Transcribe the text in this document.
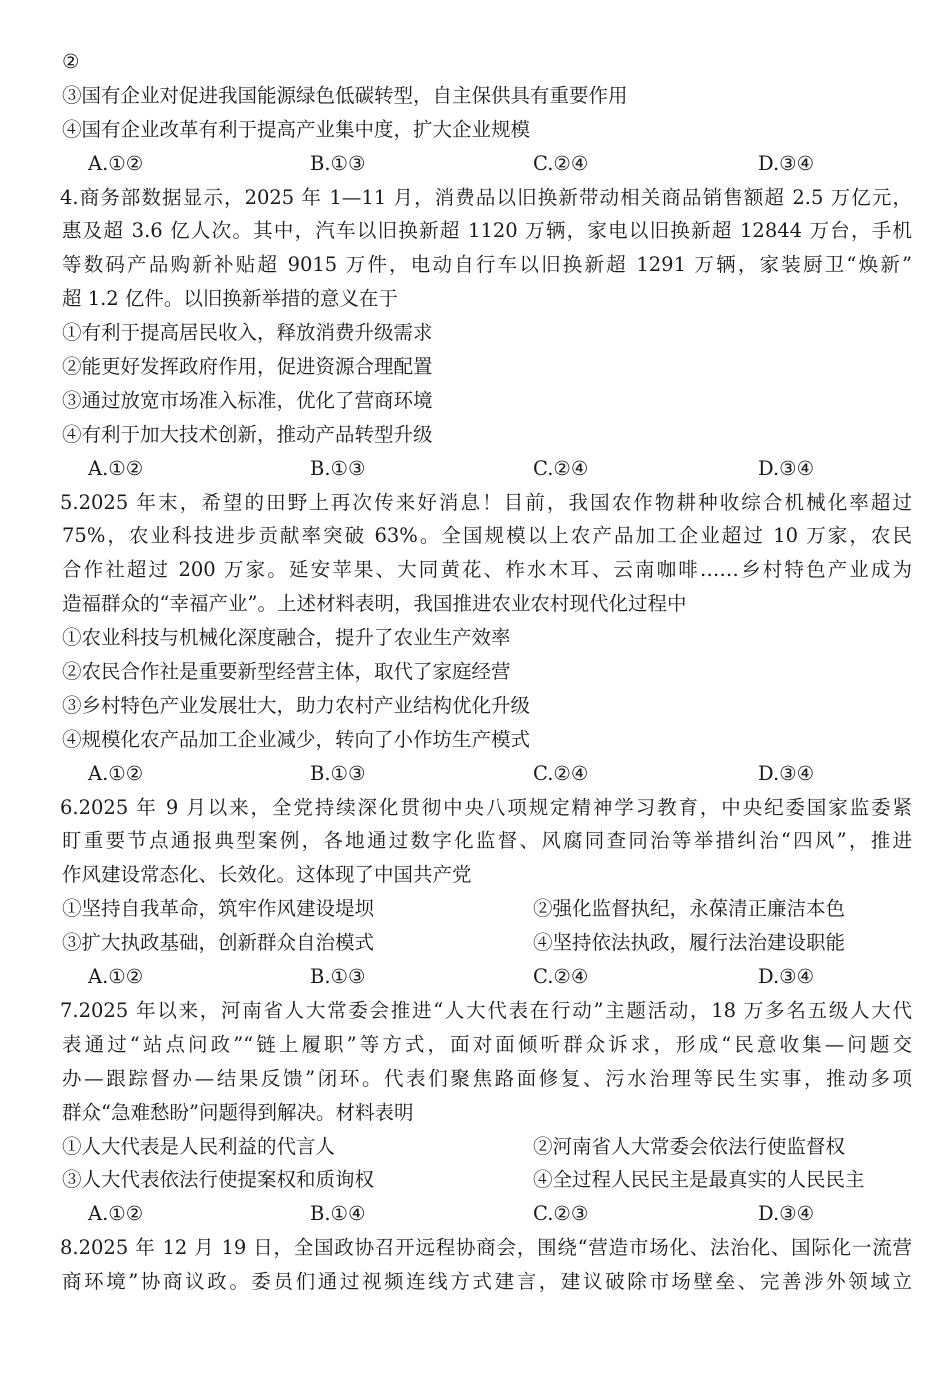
②
③国有企业对促进我国能源绿色低碳转型，自主保供具有重要作用
④国有企业改革有利于提高产业集中度，扩大企业规模
A.①②	B.①③	C.②④	D.③④
4.商务部数据显示，2025 年 1—11 月，消费品以旧换新带动相关商品销售额超 2.5 万亿元，
惠及超 3.6 亿人次。其中，汽车以旧换新超 1120 万辆，家电以旧换新超 12844 万台，手机
等数码产品购新补贴超 9015 万件，电动自行车以旧换新超 1291 万辆，家装厨卫“焕新”
超 1.2 亿件。以旧换新举措的意义在于
①有利于提高居民收入，释放消费升级需求
②能更好发挥政府作用，促进资源合理配置
③通过放宽市场准入标准，优化了营商环境
④有利于加大技术创新，推动产品转型升级
A.①②	B.①③	C.②④	D.③④
5.2025 年末，希望的田野上再次传来好消息！目前，我国农作物耕种收综合机械化率超过
75%，农业科技进步贡献率突破 63%。全国规模以上农产品加工企业超过 10 万家，农民
合作社超过 200 万家。延安苹果、大同黄花、柞水木耳、云南咖啡……乡村特色产业成为
造福群众的“幸福产业”。上述材料表明，我国推进农业农村现代化过程中
①农业科技与机械化深度融合，提升了农业生产效率
②农民合作社是重要新型经营主体，取代了家庭经营
③乡村特色产业发展壮大，助力农村产业结构优化升级
④规模化农产品加工企业减少，转向了小作坊生产模式
A.①②	B.①③	C.②④	D.③④
6.2025 年 9 月以来，全党持续深化贯彻中央八项规定精神学习教育，中央纪委国家监委紧
盯重要节点通报典型案例，各地通过数字化监督、风腐同查同治等举措纠治“四风”，推进
作风建设常态化、长效化。这体现了中国共产党
①坚持自我革命，筑牢作风建设堤坝	②强化监督执纪，永葆清正廉洁本色
③扩大执政基础，创新群众自治模式	④坚持依法执政，履行法治建设职能
A.①②	B.①③	C.②④	D.③④
7.2025 年以来，河南省人大常委会推进“人大代表在行动”主题活动，18 万多名五级人大代
表通过“站点问政”“链上履职”等方式，面对面倾听群众诉求，形成“民意收集—问题交
办—跟踪督办—结果反馈”闭环。代表们聚焦路面修复、污水治理等民生实事，推动多项
群众“急难愁盼”问题得到解决。材料表明
①人大代表是人民利益的代言人	②河南省人大常委会依法行使监督权
③人大代表依法行使提案权和质询权	④全过程人民民主是最真实的人民民主
A.①②	B.①④	C.②③	D.③④
8.2025 年 12 月 19 日，全国政协召开远程协商会，围绕“营造市场化、法治化、国际化一流营
商环境”协商议政。委员们通过视频连线方式建言，建议破除市场壁垒、完善涉外领域立
